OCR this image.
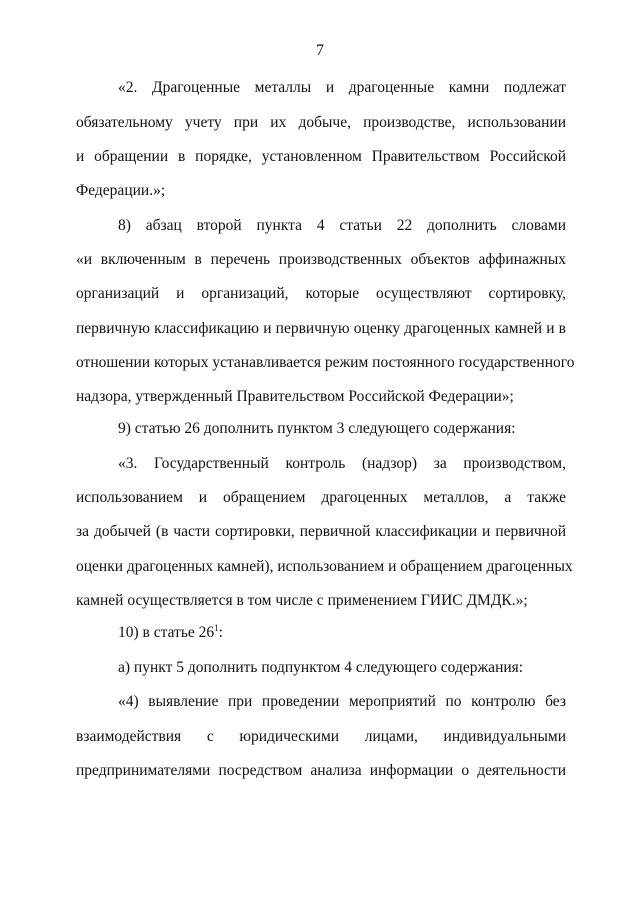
7
«2. Драгоценные металлы и драгоценные камни подлежат
обязательному учету при их добыче, производстве, использовании
и обращении в порядке, установленном Правительством Российской
Федерации.»;
8) абзац второй пункта 4 статьи 22 дополнить словами
«и включенным в перечень производственных объектов аффинажных
организаций и организаций, которые осуществляют сортировку,
первичную классификацию и первичную оценку драгоценных камней и в
отношении которых устанавливается режим постоянного государственного
надзора, утвержденный Правительством Российской Федерации»;
9) статью 26 дополнить пунктом 3 следующего содержания:
«3. Государственный контроль (надзор) за производством,
использованием и обращением драгоценных металлов, а также
за добычей (в части сортировки, первичной классификации и первичной
оценки драгоценных камней), использованием и обращением драгоценных
камней осуществляется в том числе с применением ГИИС ДМДК.»;
10) в статье $26^1$:
а) пункт 5 дополнить подпунктом 4 следующего содержания:
«4) выявление при проведении мероприятий по контролю без
взаимодействия с юридическими лицами, индивидуальными
предпринимателями посредством анализа информации о деятельности
